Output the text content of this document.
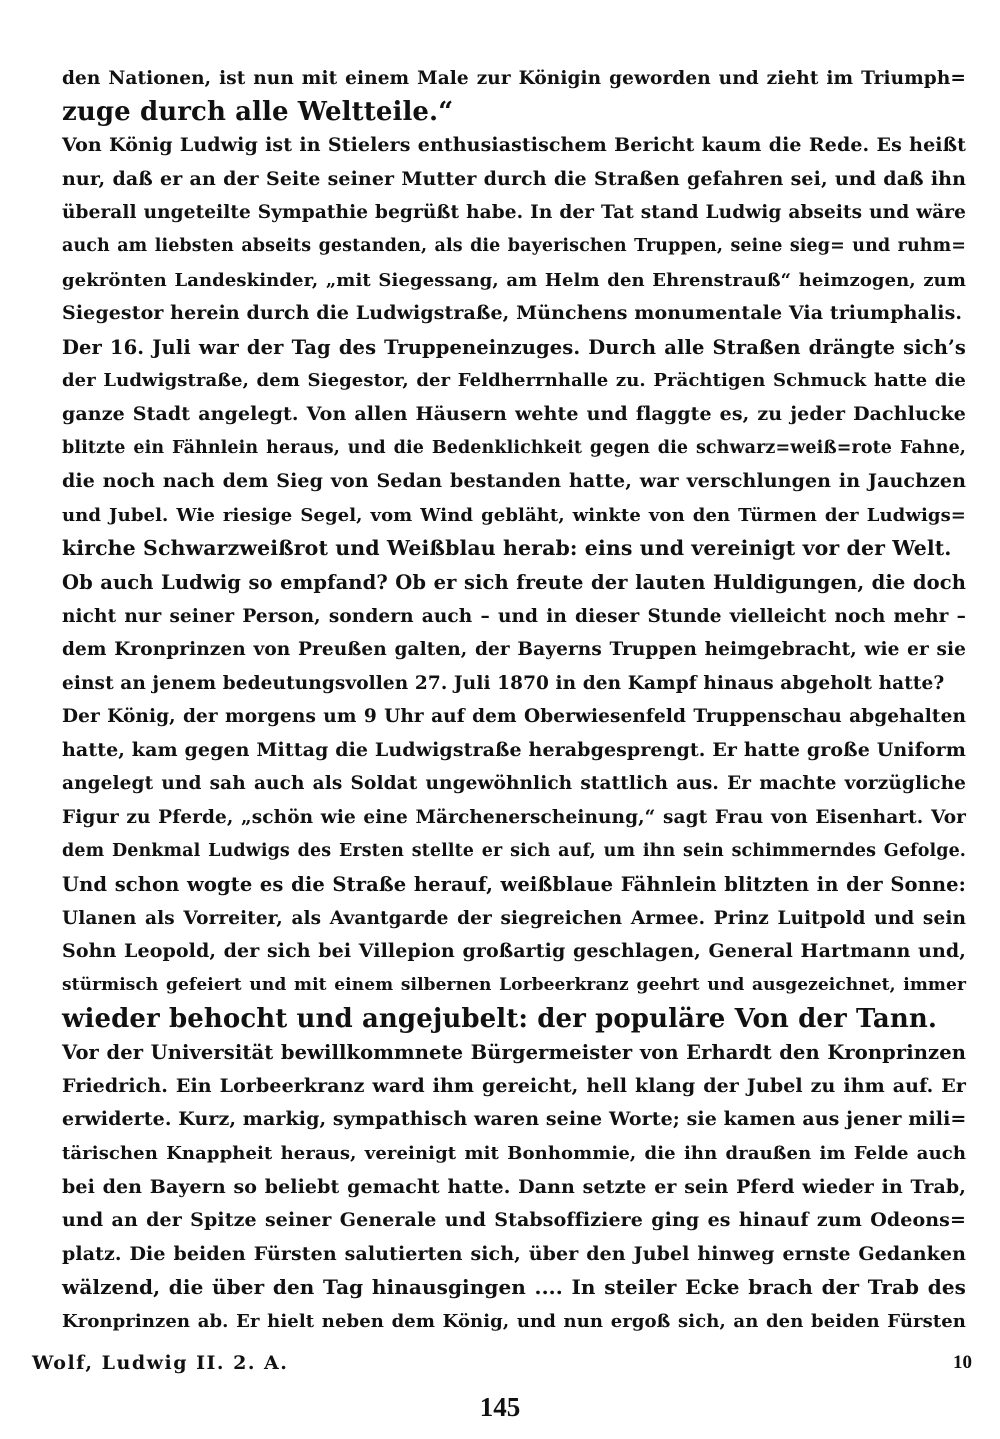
den Nationen, ist nun mit einem Male zur Königin geworden und zieht im Triumph=
zuge durch alle Weltteile.“
Von König Ludwig ist in Stielers enthusiastischem Bericht kaum die Rede. Es heißt
nur, daß er an der Seite seiner Mutter durch die Straßen gefahren sei, und daß ihn
überall ungeteilte Sympathie begrüßt habe. In der Tat stand Ludwig abseits und wäre
auch am liebsten abseits gestanden, als die bayerischen Truppen, seine sieg= und ruhm=
gekrönten Landeskinder, „mit Siegessang, am Helm den Ehrenstrauß“ heimzogen, zum
Siegestor herein durch die Ludwigstraße, Münchens monumentale Via triumphalis.
Der 16. Juli war der Tag des Truppeneinzuges. Durch alle Straßen drängte sich’s
der Ludwigstraße, dem Siegestor, der Feldherrnhalle zu. Prächtigen Schmuck hatte die
ganze Stadt angelegt. Von allen Häusern wehte und flaggte es, zu jeder Dachlucke
blitzte ein Fähnlein heraus, und die Bedenklichkeit gegen die schwarz=weiß=rote Fahne,
die noch nach dem Sieg von Sedan bestanden hatte, war verschlungen in Jauchzen
und Jubel. Wie riesige Segel, vom Wind gebläht, winkte von den Türmen der Ludwigs=
kirche Schwarzweißrot und Weißblau herab: eins und vereinigt vor der Welt.
Ob auch Ludwig so empfand? Ob er sich freute der lauten Huldigungen, die doch
nicht nur seiner Person, sondern auch – und in dieser Stunde vielleicht noch mehr –
dem Kronprinzen von Preußen galten, der Bayerns Truppen heimgebracht, wie er sie
einst an jenem bedeutungsvollen 27. Juli 1870 in den Kampf hinaus abgeholt hatte?
Der König, der morgens um 9 Uhr auf dem Oberwiesenfeld Truppenschau abgehalten
hatte, kam gegen Mittag die Ludwigstraße herabgesprengt. Er hatte große Uniform
angelegt und sah auch als Soldat ungewöhnlich stattlich aus. Er machte vorzügliche
Figur zu Pferde, „schön wie eine Märchenerscheinung,“ sagt Frau von Eisenhart. Vor
dem Denkmal Ludwigs des Ersten stellte er sich auf, um ihn sein schimmerndes Gefolge.
Und schon wogte es die Straße herauf, weißblaue Fähnlein blitzten in der Sonne:
Ulanen als Vorreiter, als Avantgarde der siegreichen Armee. Prinz Luitpold und sein
Sohn Leopold, der sich bei Villepion großartig geschlagen, General Hartmann und,
stürmisch gefeiert und mit einem silbernen Lorbeerkranz geehrt und ausgezeichnet, immer
wieder behocht und angejubelt: der populäre Von der Tann.
Vor der Universität bewillkommnete Bürgermeister von Erhardt den Kronprinzen
Friedrich. Ein Lorbeerkranz ward ihm gereicht, hell klang der Jubel zu ihm auf. Er
erwiderte. Kurz, markig, sympathisch waren seine Worte; sie kamen aus jener mili=
tärischen Knappheit heraus, vereinigt mit Bonhommie, die ihn draußen im Felde auch
bei den Bayern so beliebt gemacht hatte. Dann setzte er sein Pferd wieder in Trab,
und an der Spitze seiner Generale und Stabsoffiziere ging es hinauf zum Odeons=
platz. Die beiden Fürsten salutierten sich, über den Jubel hinweg ernste Gedanken
wälzend, die über den Tag hinausgingen .... In steiler Ecke brach der Trab des
Kronprinzen ab. Er hielt neben dem König, und nun ergoß sich, an den beiden Fürsten
Wolf, Ludwig II. 2. A.	10
145
